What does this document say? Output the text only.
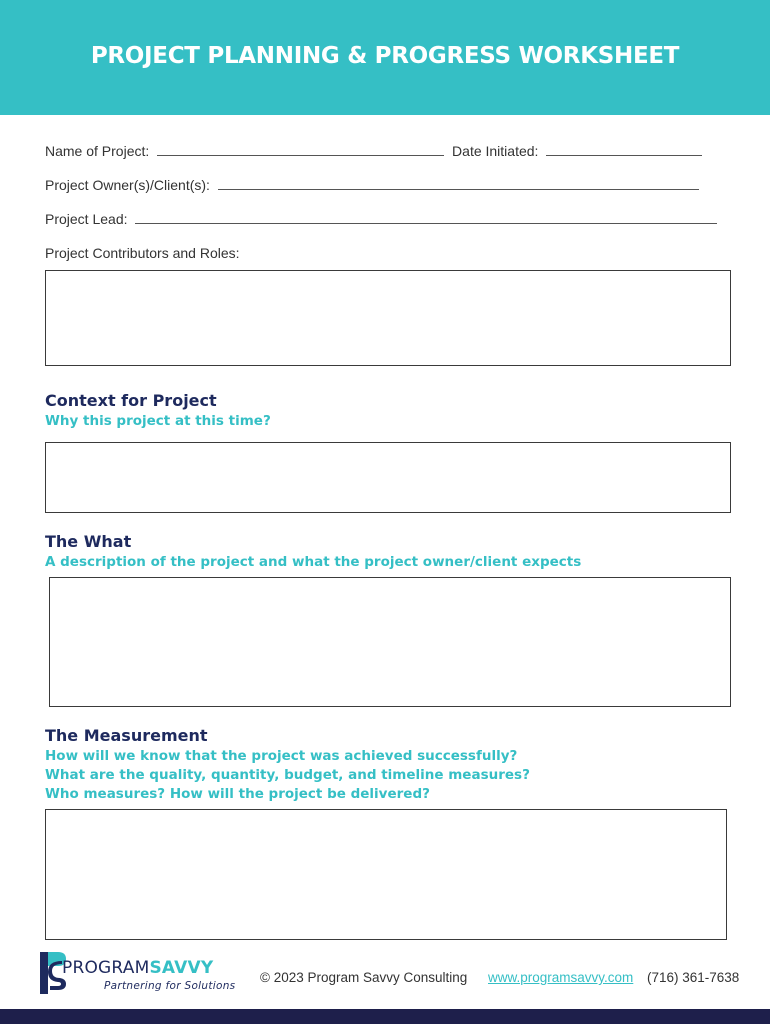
PROJECT PLANNING & PROGRESS WORKSHEET
Name of Project:	Date Initiated:
Project Owner(s)/Client(s):
Project Lead:
Project Contributors and Roles:
Context for Project
Why this project at this time?
The What
A description of the project and what the project owner/client expects
The Measurement
How will we know that the project was achieved successfully?
What are the quality, quantity, budget, and timeline measures?
Who measures? How will the project be delivered?
PROGRAMSAVVY
Partnering for Solutions
© 2023 Program Savvy Consulting www.programsavvy.com (716) 361-7638
